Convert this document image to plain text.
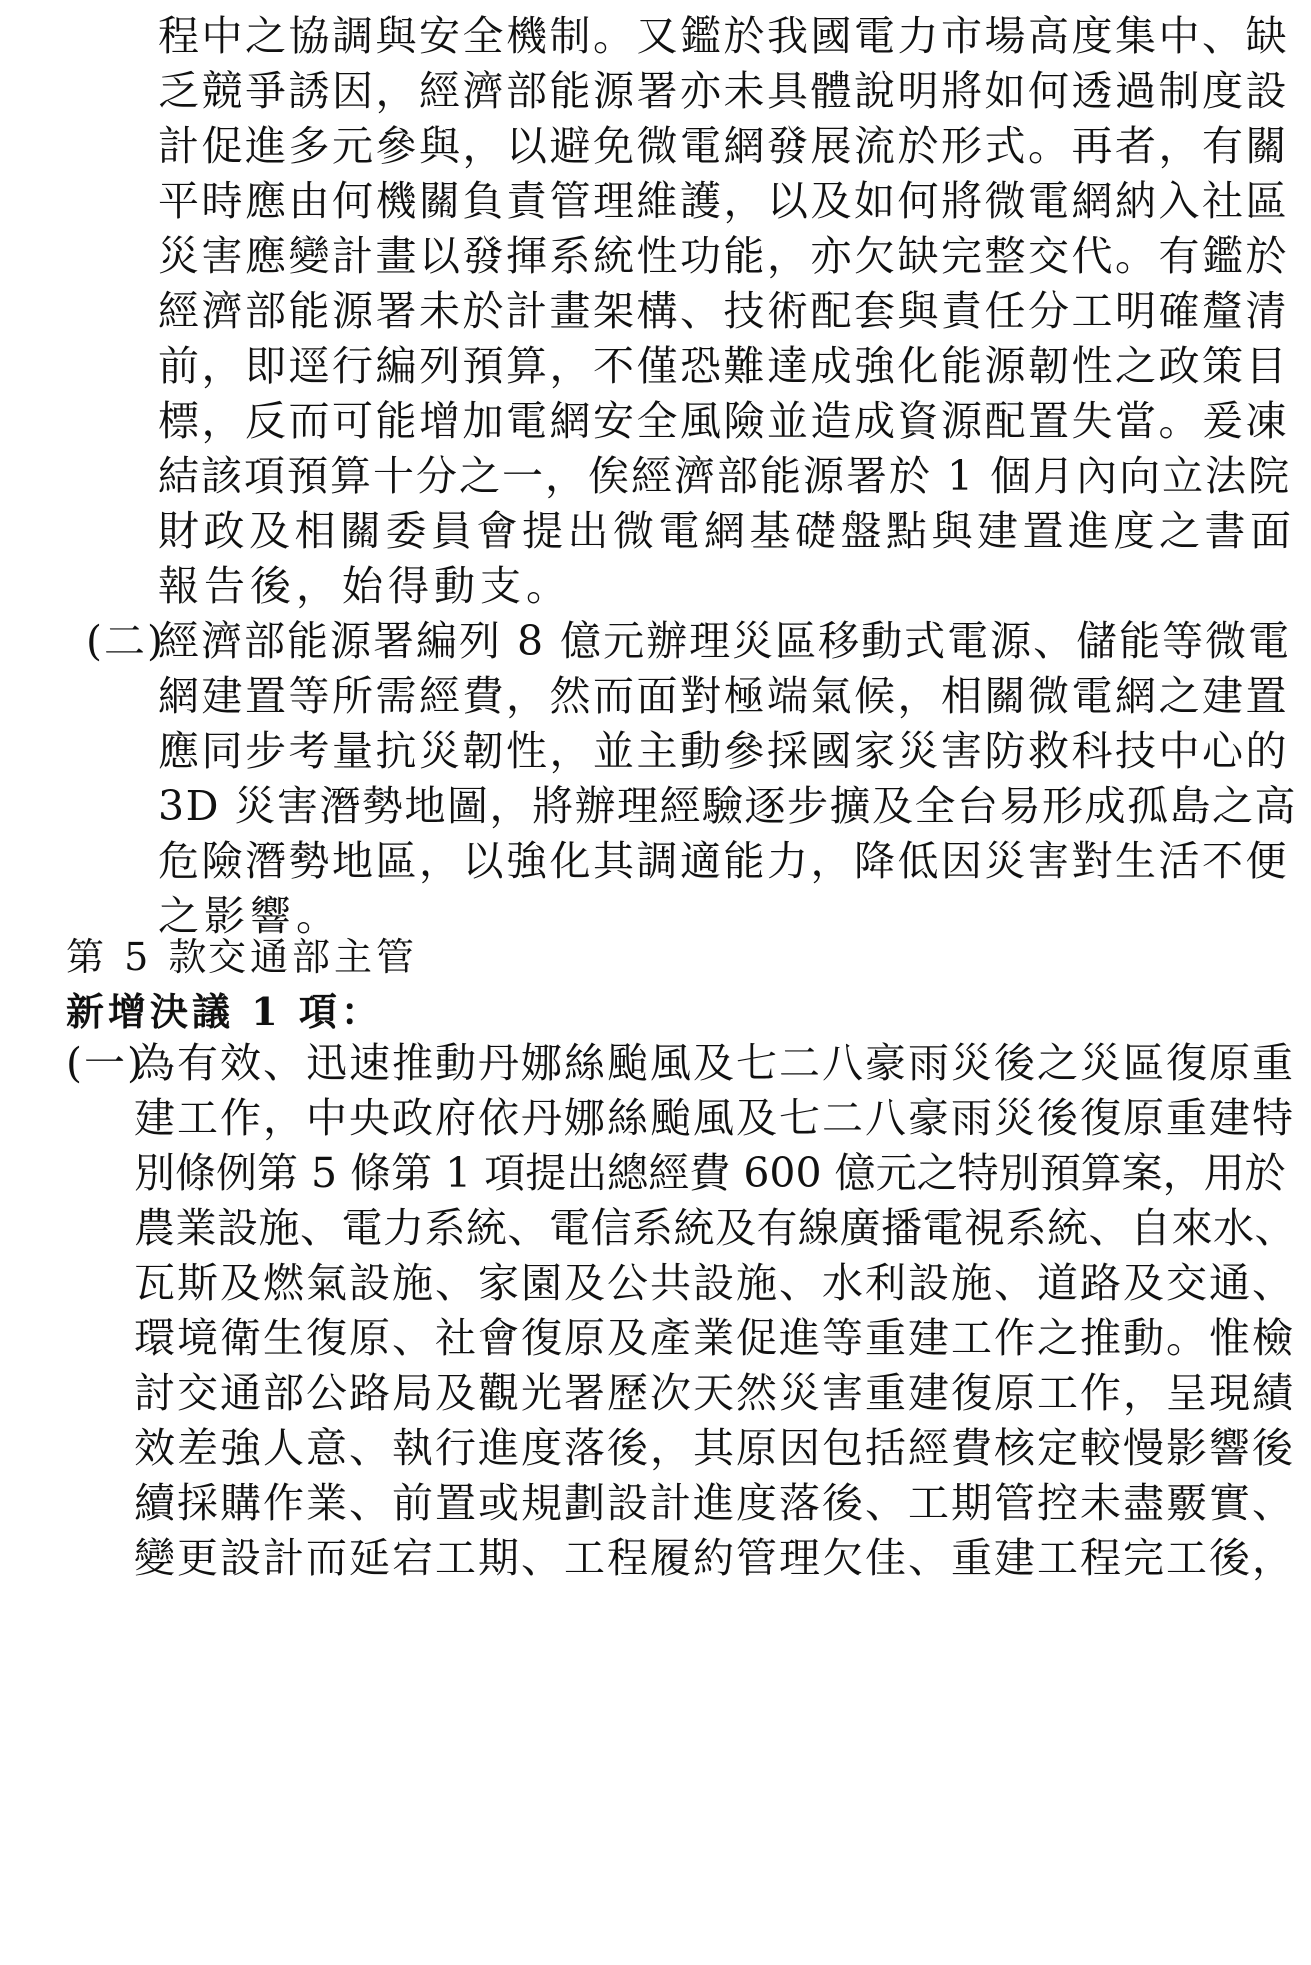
程中之協調與安全機制。又鑑於我國電力市場高度集中、缺
乏競爭誘因，經濟部能源署亦未具體說明將如何透過制度設
計促進多元參與，以避免微電網發展流於形式。再者，有關
平時應由何機關負責管理維護，以及如何將微電網納入社區
災害應變計畫以發揮系統性功能，亦欠缺完整交代。有鑑於
經濟部能源署未於計畫架構、技術配套與責任分工明確釐清
前，即逕行編列預算，不僅恐難達成強化能源韌性之政策目
標，反而可能增加電網安全風險並造成資源配置失當。爰凍
結該項預算十分之一，俟經濟部能源署於 1 個月內向立法院
財政及相關委員會提出微電網基礎盤點與建置進度之書面
報告後，始得動支。
(二)
經濟部能源署編列 8 億元辦理災區移動式電源、儲能等微電
網建置等所需經費，然而面對極端氣候，相關微電網之建置
應同步考量抗災韌性，並主動參採國家災害防救科技中心的
3D 災害潛勢地圖，將辦理經驗逐步擴及全台易形成孤島之高
危險潛勢地區，以強化其調適能力，降低因災害對生活不便
之影響。
第 5 款
交通部主管
新增決議 1 項：
(一)
為有效、迅速推動丹娜絲颱風及七二八豪雨災後之災區復原重
建工作，中央政府依丹娜絲颱風及七二八豪雨災後復原重建特
別條例第 5 條第 1 項提出總經費 600 億元之特別預算案，用於
農業設施、電力系統、電信系統及有線廣播電視系統、自來水、
瓦斯及燃氣設施、家園及公共設施、水利設施、道路及交通、
環境衛生復原、社會復原及產業促進等重建工作之推動。惟檢
討交通部公路局及觀光署歷次天然災害重建復原工作，呈現績
效差強人意、執行進度落後，其原因包括經費核定較慢影響後
續採購作業、前置或規劃設計進度落後、工期管控未盡覈實、
變更設計而延宕工期、工程履約管理欠佳、重建工程完工後，
